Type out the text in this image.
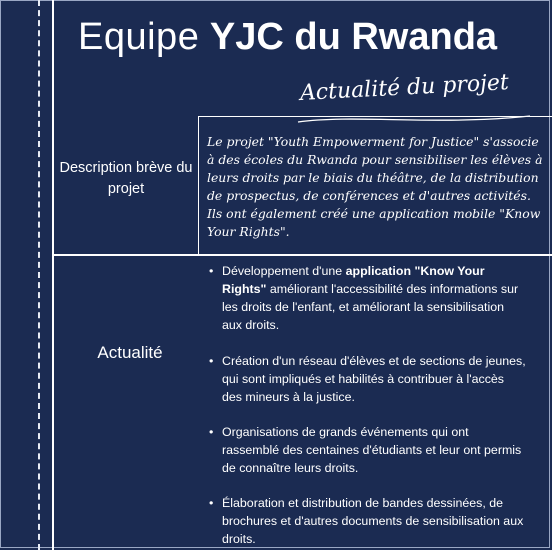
Equipe YJC du Rwanda
Actualité du projet
Description brève du projet
Le projet "Youth Empowerment for Justice" s'associe à des écoles du Rwanda pour sensibiliser les élèves à leurs droits par le biais du théâtre, de la distribution de prospectus, de conférences et d'autres activités. Ils ont également créé une application mobile "Know Your Rights".
Actualité
• Développement d'une application "Know Your Rights" améliorant l'accessibilité des informations sur les droits de l'enfant, et améliorant la sensibilisation aux droits.
• Création d'un réseau d'élèves et de sections de jeunes, qui sont impliqués et habilités à contribuer à l'accès des mineurs à la justice.
• Organisations de grands événements qui ont rassemblé des centaines d'étudiants et leur ont permis de connaître leurs droits.
• Élaboration et distribution de bandes dessinées, de brochures et d'autres documents de sensibilisation aux droits.
